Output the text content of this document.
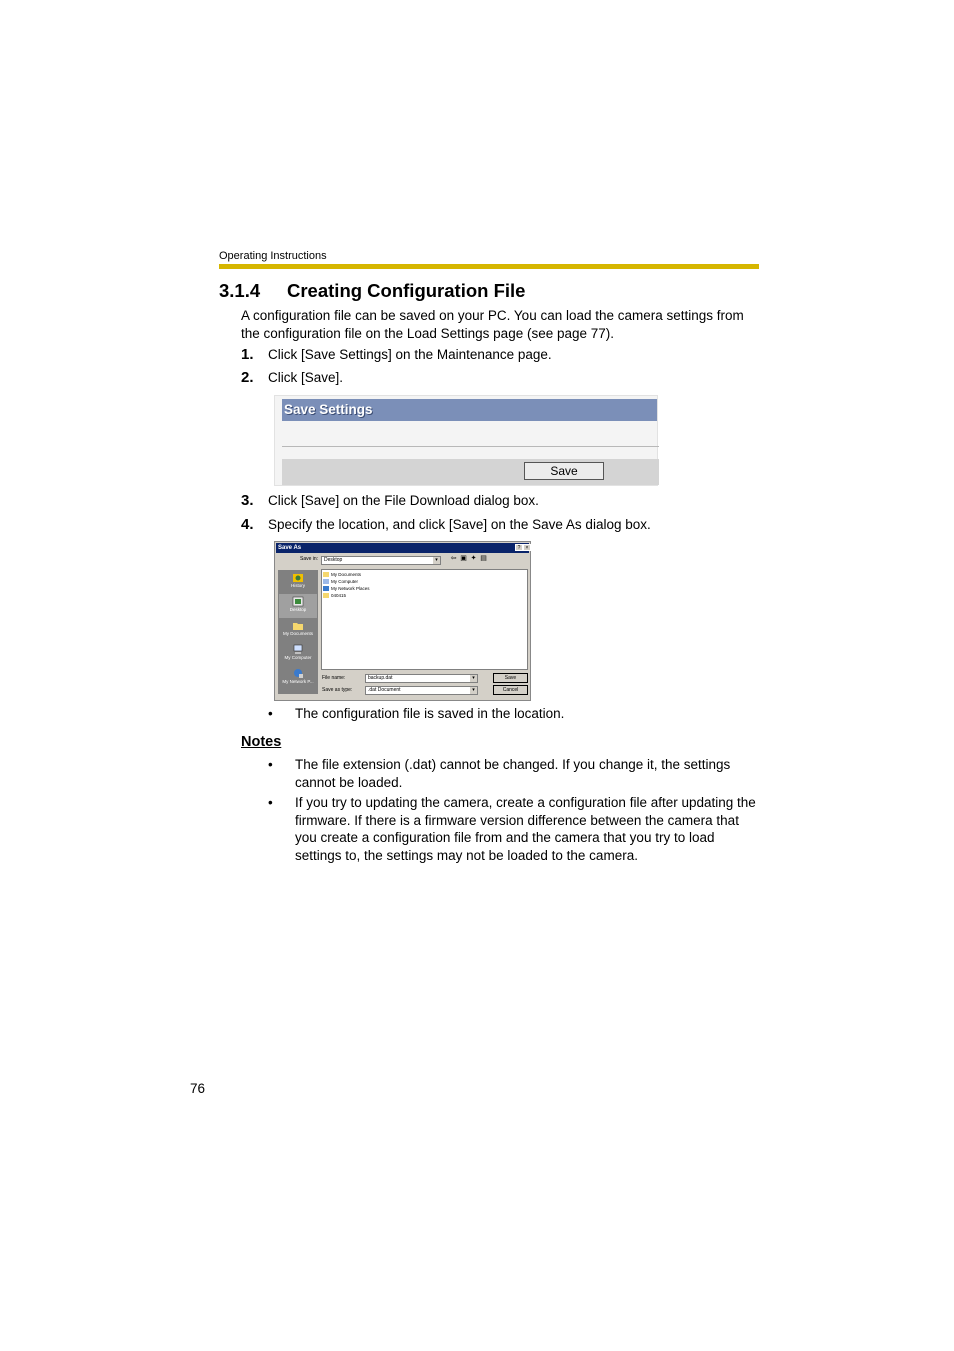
Operating Instructions
3.1.4 Creating Configuration File
A configuration file can be saved on your PC. You can load the camera settings from the configuration file on the Load Settings page (see page 77).
1. Click [Save Settings] on the Maintenance page.
2. Click [Save].
Save Settings
Save
3. Click [Save] on the File Download dialog box.
4. Specify the location, and click [Save] on the Save As dialog box.
Save As	?	×
Save in: Desktop	▾	⇦ ▣ ✦ ▤
History
Desktop
My Documents
My Computer
My Network P...
My Documents
My Computer
My Network Places
040415
File name:	backup.dat	▾
Save as type:	.dat Document	▾
Save
Cancel
• The configuration file is saved in the location.
Notes
• The file extension (.dat) cannot be changed. If you change it, the settings cannot be loaded.
• If you try to updating the camera, create a configuration file after updating the firmware. If there is a firmware version difference between the camera that you create a configuration file from and the camera that you try to load settings to, the settings may not be loaded to the camera.
76
